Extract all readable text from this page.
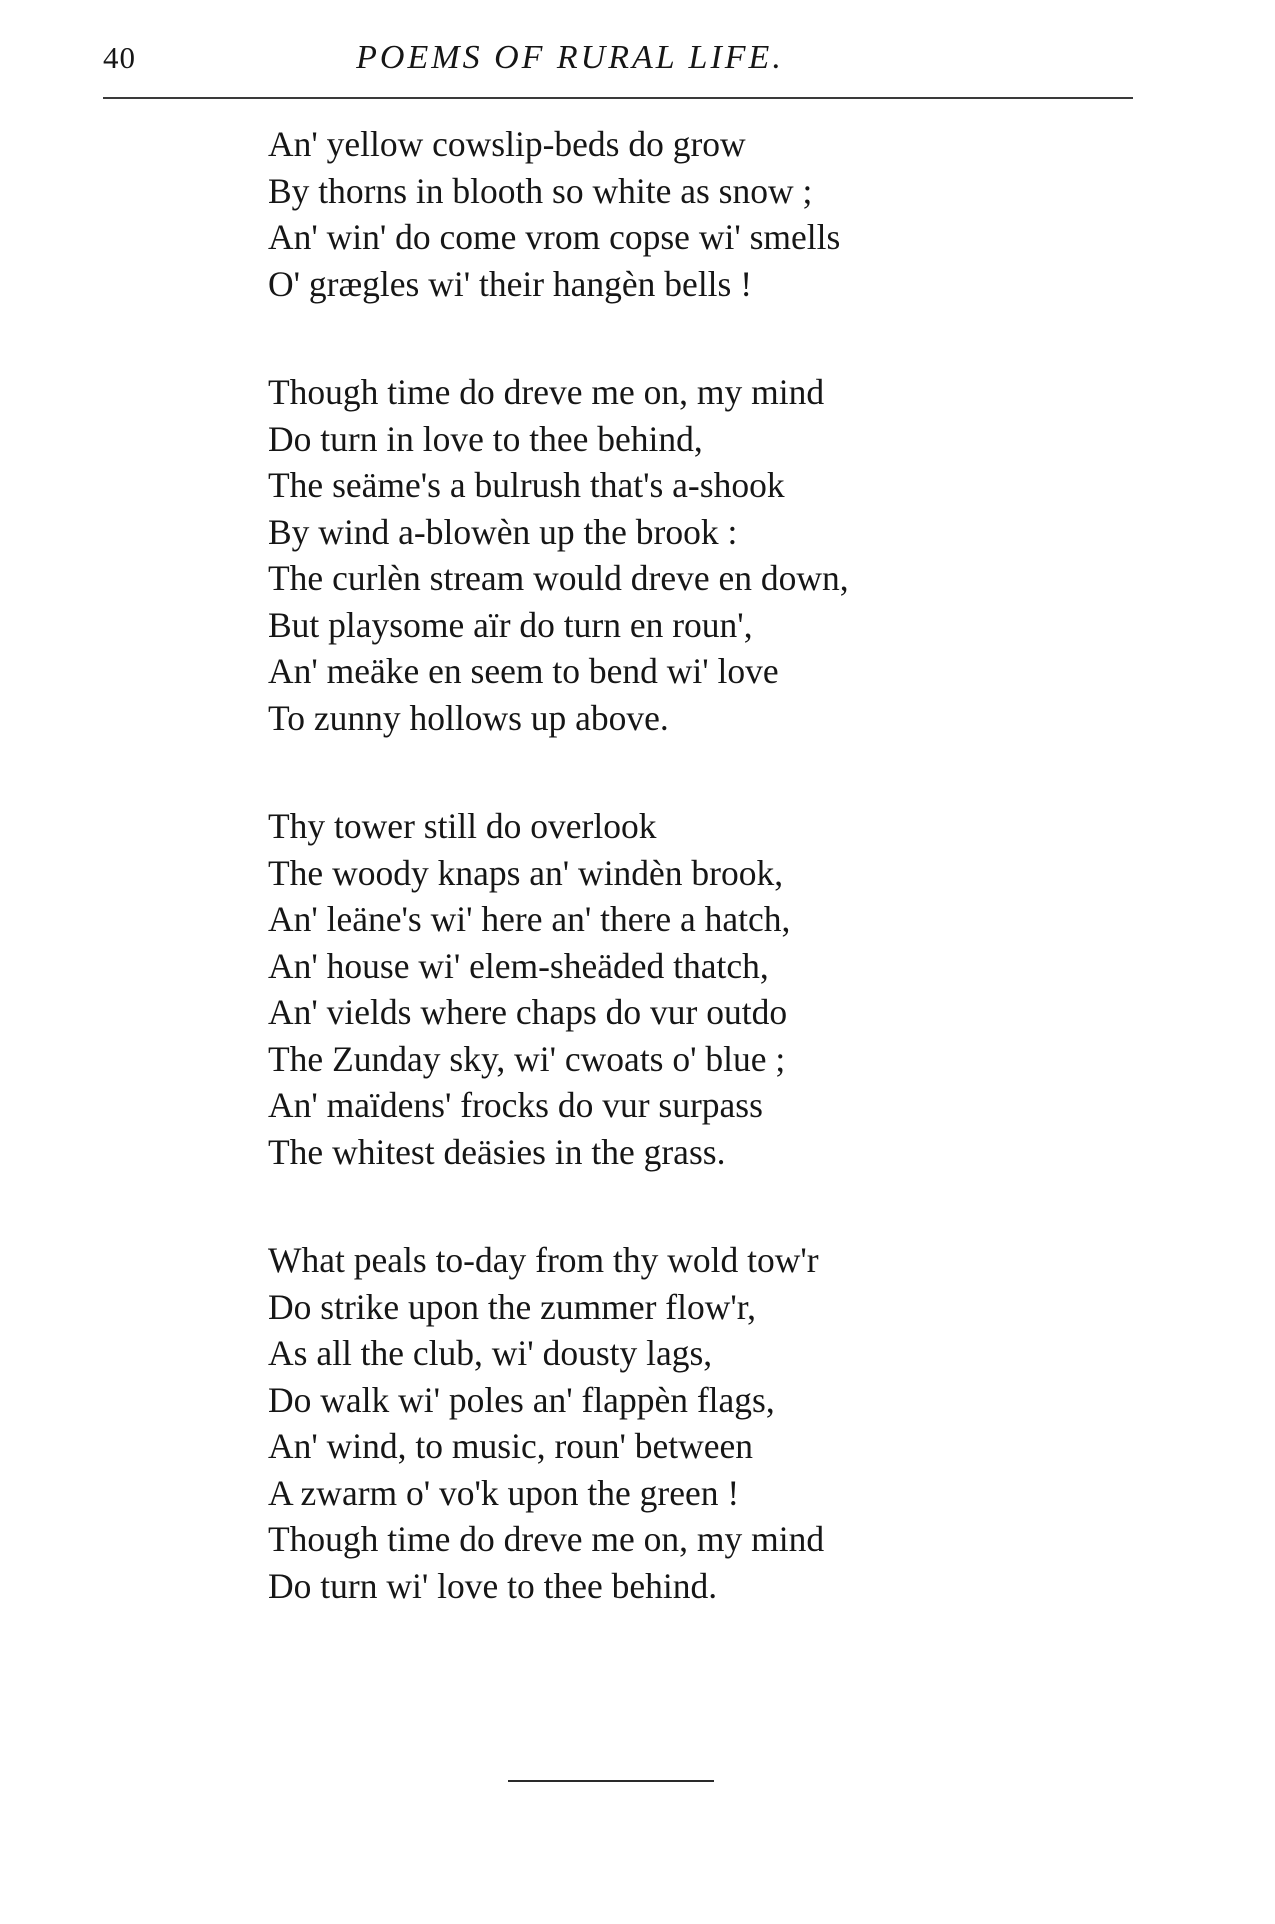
40	POEMS OF RURAL LIFE.
An' yellow cowslip-beds do grow
By thorns in blooth so white as snow ;
An' win' do come vrom copse wi' smells
O' grægles wi' their hangèn bells !
Though time do dreve me on, my mind
Do turn in love to thee behind,
The seäme's a bulrush that's a-shook
By wind a-blowèn up the brook :
The curlèn stream would dreve en down,
But playsome aïr do turn en roun',
An' meäke en seem to bend wi' love
To zunny hollows up above.
Thy tower still do overlook
The woody knaps an' windèn brook,
An' leäne's wi' here an' there a hatch,
An' house wi' elem-sheäded thatch,
An' vields where chaps do vur outdo
The Zunday sky, wi' cwoats o' blue ;
An' maïdens' frocks do vur surpass
The whitest deäsies in the grass.
What peals to-day from thy wold tow'r
Do strike upon the zummer flow'r,
As all the club, wi' dousty lags,
Do walk wi' poles an' flappèn flags,
An' wind, to music, roun' between
A zwarm o' vo'k upon the green !
Though time do dreve me on, my mind
Do turn wi' love to thee behind.
